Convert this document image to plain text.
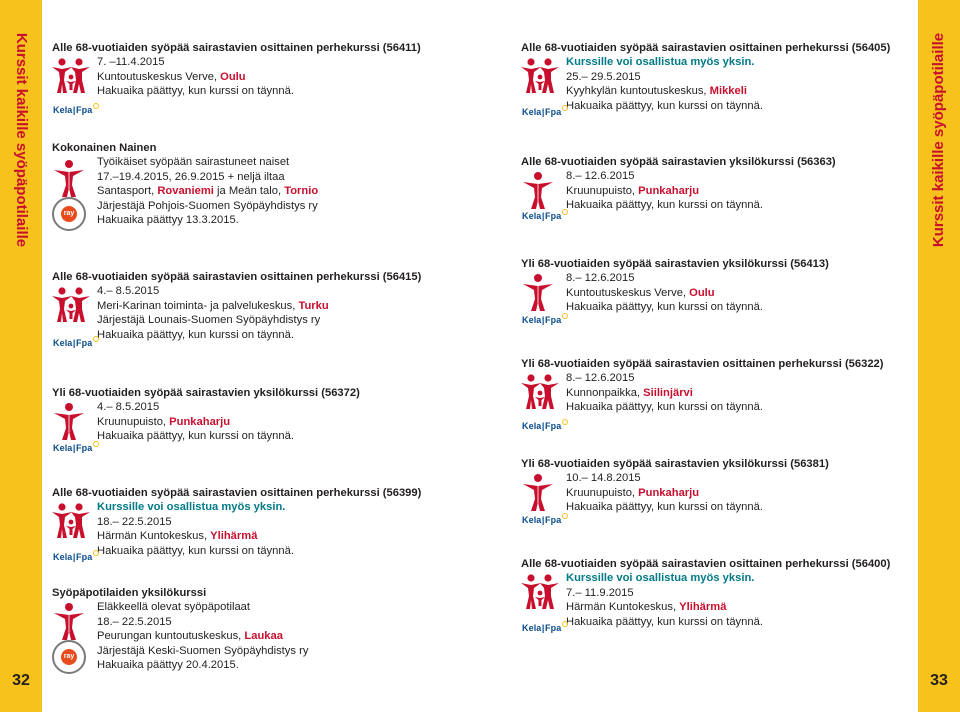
Kurssit kaikille syöpäpotilaille	Kurssit kaikille syöpäpotilaille
32	33
Alle 68-vuotiaiden syöpää sairastavien osittainen perhekurssi (56411)
Kela|Fpa
7. –11.4.2015
Kuntoutuskeskus Verve, Oulu
Hakuaika päättyy, kun kurssi on täynnä.
Kokonainen Nainen
ray
Työikäiset syöpään sairastuneet naiset
17.–19.4.2015, 26.9.2015 + neljä iltaa
Santasport, Rovaniemi ja Meän talo, Tornio
Järjestäjä Pohjois-Suomen Syöpäyhdistys ry
Hakuaika päättyy 13.3.2015.
Alle 68-vuotiaiden syöpää sairastavien osittainen perhekurssi (56415)
Kela|Fpa
4.– 8.5.2015
Meri-Karinan toiminta- ja palvelukeskus, Turku
Järjestäjä Lounais-Suomen Syöpäyhdistys ry
Hakuaika päättyy, kun kurssi on täynnä.
Yli 68-vuotiaiden syöpää sairastavien yksilökurssi (56372)
Kela|Fpa
4.– 8.5.2015
Kruunupuisto, Punkaharju
Hakuaika päättyy, kun kurssi on täynnä.
Alle 68-vuotiaiden syöpää sairastavien osittainen perhekurssi (56399)
Kela|Fpa
Kurssille voi osallistua myös yksin.
18.– 22.5.2015
Härmän Kuntokeskus, Ylihärmä
Hakuaika päättyy, kun kurssi on täynnä.
Syöpäpotilaiden yksilökurssi
ray
Eläkkeellä olevat syöpäpotilaat
18.– 22.5.2015
Peurungan kuntoutuskeskus, Laukaa
Järjestäjä Keski-Suomen Syöpäyhdistys ry
Hakuaika päättyy 20.4.2015.
Alle 68-vuotiaiden syöpää sairastavien osittainen perhekurssi (56405)
Kela|Fpa
Kurssille voi osallistua myös yksin.
25.– 29.5.2015
Kyyhkylän kuntoutuskeskus, Mikkeli
Hakuaika päättyy, kun kurssi on täynnä.
Alle 68-vuotiaiden syöpää sairastavien yksilökurssi (56363)
Kela|Fpa
8.– 12.6.2015
Kruunupuisto, Punkaharju
Hakuaika päättyy, kun kurssi on täynnä.
Yli 68-vuotiaiden syöpää sairastavien yksilökurssi (56413)
Kela|Fpa
8.– 12.6.2015
Kuntoutuskeskus Verve, Oulu
Hakuaika päättyy, kun kurssi on täynnä.
Yli 68-vuotiaiden syöpää sairastavien osittainen perhekurssi (56322)
Kela|Fpa
8.– 12.6.2015
Kunnonpaikka, Siilinjärvi
Hakuaika päättyy, kun kurssi on täynnä.
Yli 68-vuotiaiden syöpää sairastavien yksilökurssi (56381)
Kela|Fpa
10.– 14.8.2015
Kruunupuisto, Punkaharju
Hakuaika päättyy, kun kurssi on täynnä.
Alle 68-vuotiaiden syöpää sairastavien osittainen perhekurssi (56400)
Kela|Fpa
Kurssille voi osallistua myös yksin.
7.– 11.9.2015
Härmän Kuntokeskus, Ylihärmä
Hakuaika päättyy, kun kurssi on täynnä.
